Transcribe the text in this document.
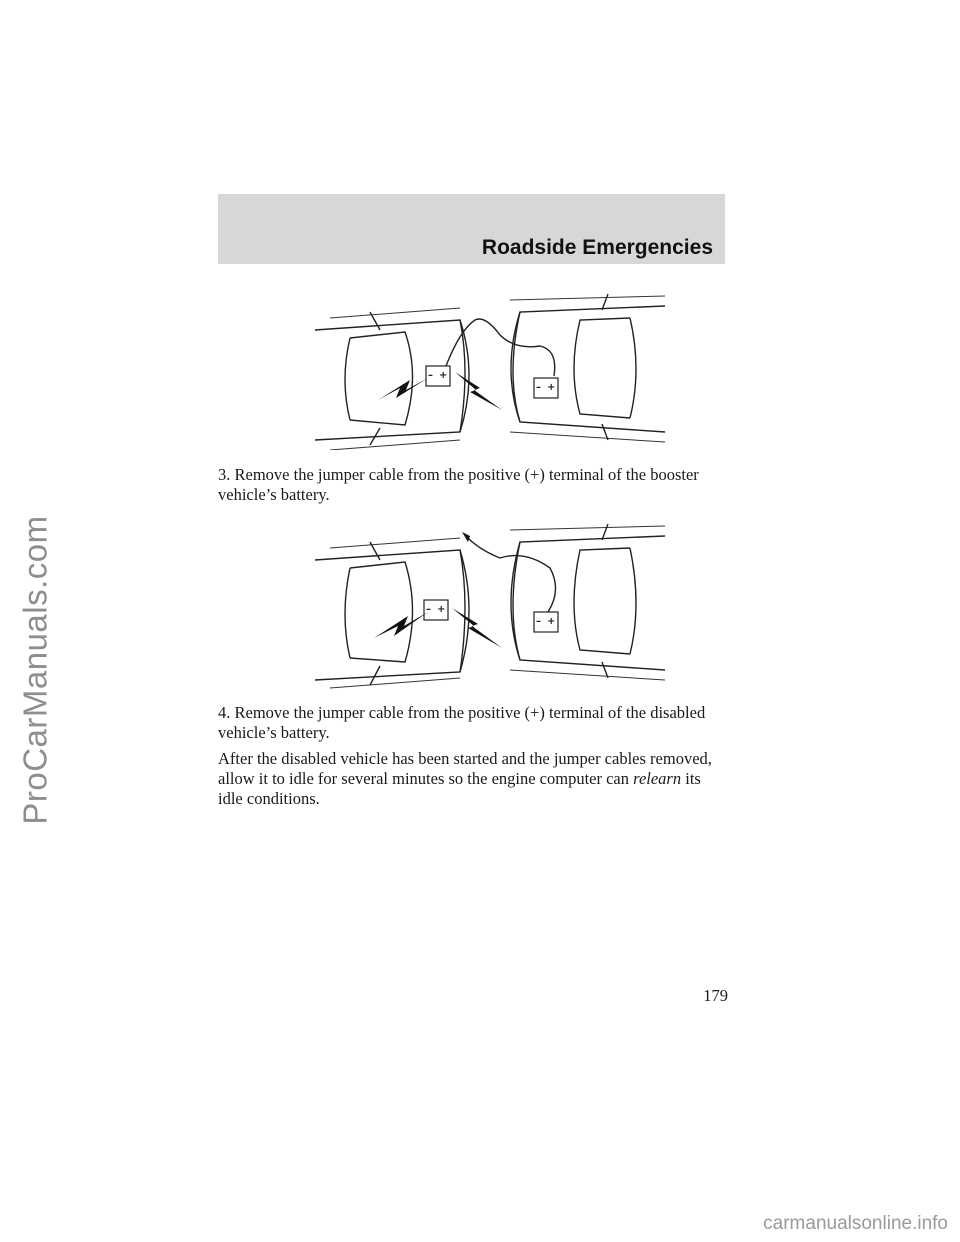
ProCarManuals.com
Roadside Emergencies
– +
– +

3. Remove the jumper cable from the positive (+) terminal of the booster vehicle’s battery.

– +
– +

4. Remove the jumper cable from the positive (+) terminal of the disabled vehicle’s battery.

After the disabled vehicle has been started and the jumper cables removed, allow it to idle for several minutes so the engine computer can relearn its idle conditions.

179
carmanualsonline.info
